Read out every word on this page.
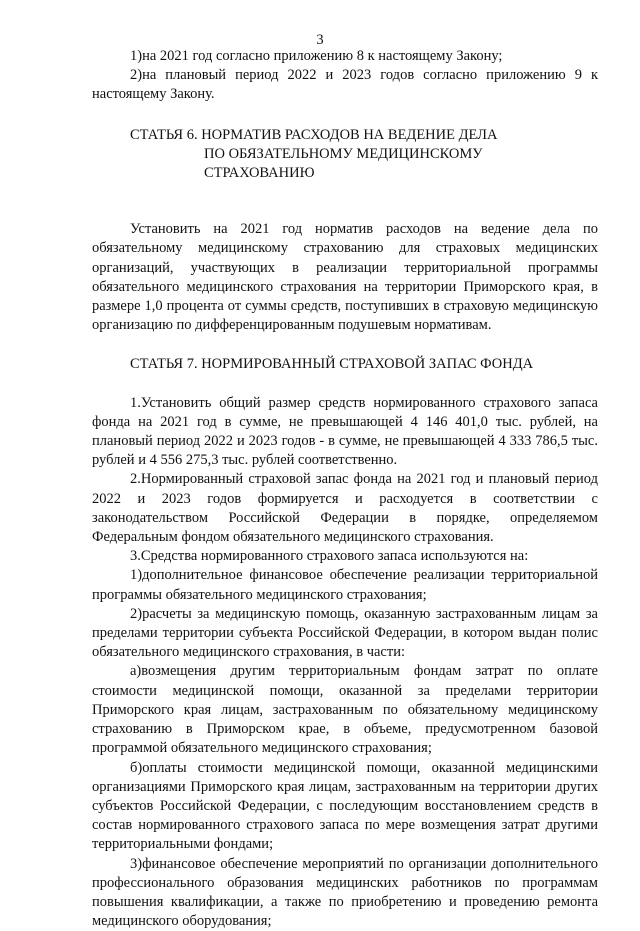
3

1)на 2021 год согласно приложению 8 к настоящему Закону;

2)на плановый период 2022 и 2023 годов согласно приложению 9 к настоящему Закону.

СТАТЬЯ 6. НОРМАТИВ РАСХОДОВ НА ВЕДЕНИЕ ДЕЛА
ПО ОБЯЗАТЕЛЬНОМУ МЕДИЦИНСКОМУ
СТРАХОВАНИЮ

Установить на 2021 год норматив расходов на ведение дела по обязательному медицинскому страхованию для страховых медицинских организаций, участвующих в реализации территориальной программы обязательного медицинского страхования на территории Приморского края, в размере 1,0 процента от суммы средств, поступивших в страховую медицинскую организацию по дифференцированным подушевым нормативам.

СТАТЬЯ 7. НОРМИРОВАННЫЙ СТРАХОВОЙ ЗАПАС ФОНДА

1.Установить общий размер средств нормированного страхового запаса фонда на 2021 год в сумме, не превышающей 4 146 401,0 тыс. рублей, на плановый период 2022 и 2023 годов - в сумме, не превышающей 4 333 786,5 тыс. рублей и 4 556 275,3 тыс. рублей соответственно.

2.Нормированный страховой запас фонда на 2021 год и плановый период 2022 и 2023 годов формируется и расходуется в соответствии с законодательством Российской Федерации в порядке, определяемом Федеральным фондом обязательного медицинского страхования.

3.Средства нормированного страхового запаса используются на:

1)дополнительное финансовое обеспечение реализации территориальной программы обязательного медицинского страхования;

2)расчеты за медицинскую помощь, оказанную застрахованным лицам за пределами территории субъекта Российской Федерации, в котором выдан полис обязательного медицинского страхования, в части:

а)возмещения другим территориальным фондам затрат по оплате стоимости медицинской помощи, оказанной за пределами территории Приморского края лицам, застрахованным по обязательному медицинскому страхованию в Приморском крае, в объеме, предусмотренном базовой программой обязательного медицинского страхования;

б)оплаты стоимости медицинской помощи, оказанной медицинскими организациями Приморского края лицам, застрахованным на территории других субъектов Российской Федерации, с последующим восстановлением средств в состав нормированного страхового запаса по мере возмещения затрат другими территориальными фондами;

3)финансовое обеспечение мероприятий по организации дополнительного профессионального образования медицинских работников по программам повышения квалификации, а также по приобретению и проведению ремонта медицинского оборудования;
